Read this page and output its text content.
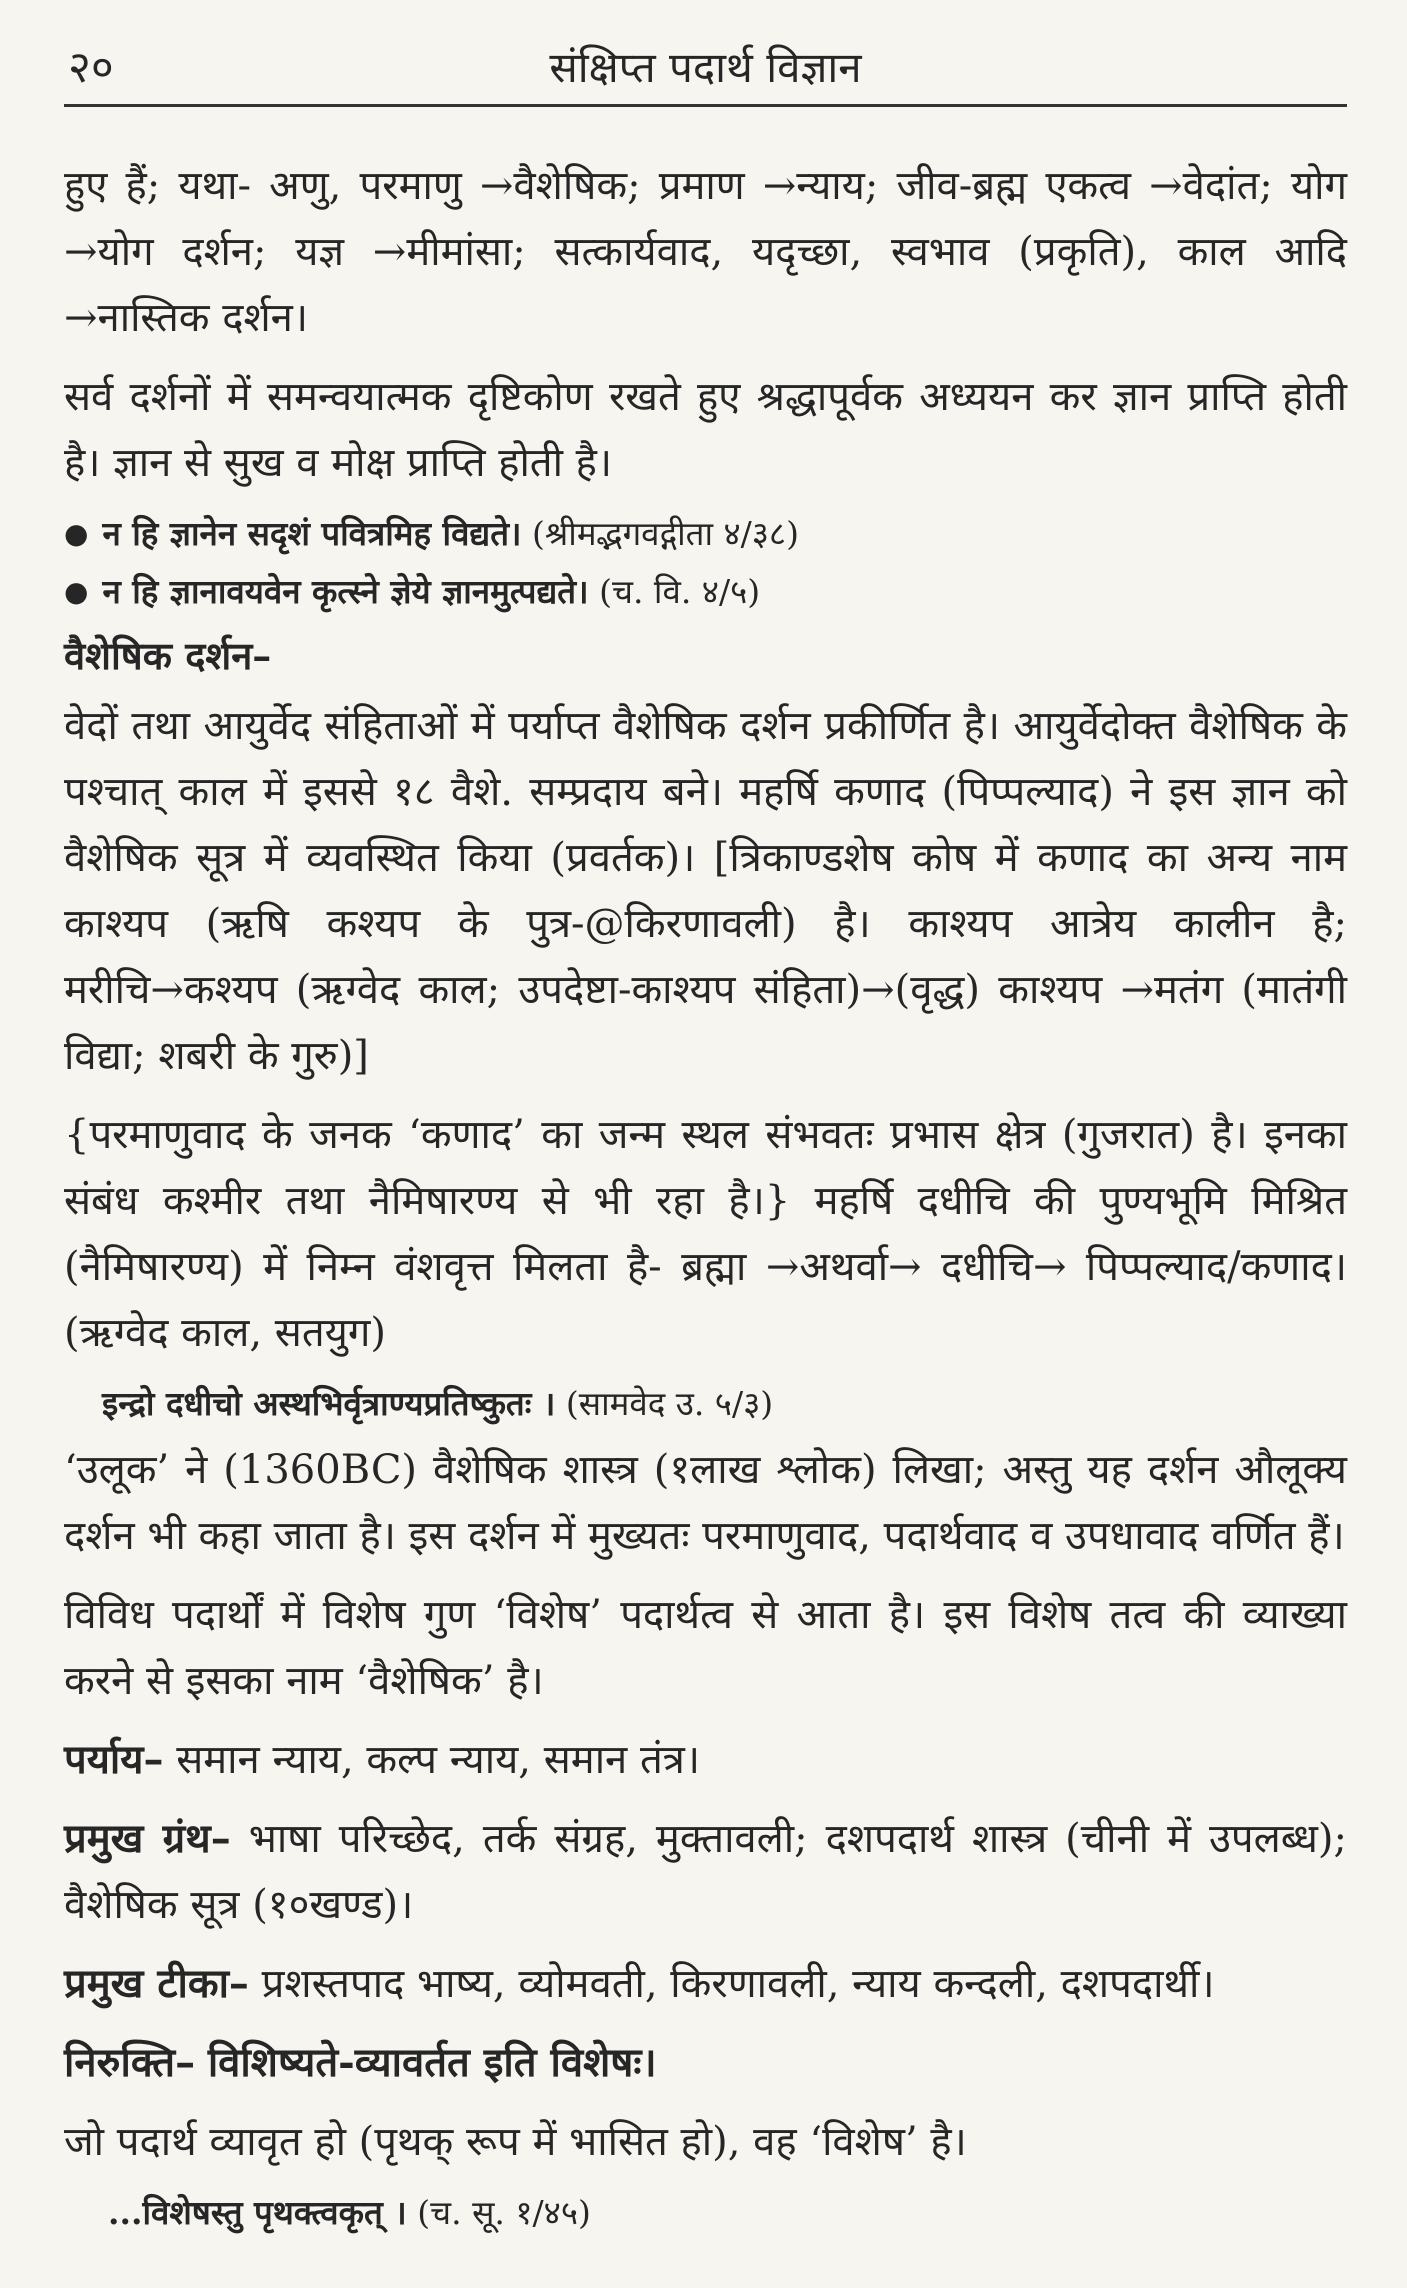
२०	संक्षिप्त पदार्थ विज्ञान

हुए हैं; यथा- अणु, परमाणु →वैशेषिक; प्रमाण →न्याय; जीव-ब्रह्म एकत्व →वेदांत; योग →योग दर्शन; यज्ञ →मीमांसा; सत्कार्यवाद, यदृच्छा, स्वभाव (प्रकृति), काल आदि →नास्तिक दर्शन।

सर्व दर्शनों में समन्वयात्मक दृष्टिकोण रखते हुए श्रद्धापूर्वक अध्ययन कर ज्ञान प्राप्ति होती है। ज्ञान से सुख व मोक्ष प्राप्ति होती है।

● न हि ज्ञानेन सदृशं पवित्रमिह विद्यते। (श्रीमद्भगवद्गीता ४/३८)
● न हि ज्ञानावयवेन कृत्स्ने ज्ञेये ज्ञानमुत्पद्यते। (च. वि. ४/५)
वैशेषिक दर्शन–

वेदों तथा आयुर्वेद संहिताओं में पर्याप्त वैशेषिक दर्शन प्रकीर्णित है। आयुर्वेदोक्त वैशेषिक के पश्चात् काल में इससे १८ वैशे. सम्प्रदाय बने। महर्षि कणाद (पिप्पल्याद) ने इस ज्ञान को वैशेषिक सूत्र में व्यवस्थित किया (प्रवर्तक)। [त्रिकाण्डशेष कोष में कणाद का अन्य नाम काश्यप (ऋषि कश्यप के पुत्र-@किरणावली) है। काश्यप आत्रेय कालीन है; मरीचि→कश्यप (ऋग्वेद काल; उपदेष्टा-काश्यप संहिता)→(वृद्ध) काश्यप →मतंग (मातंगी विद्या; शबरी के गुरु)]

{परमाणुवाद के जनक ‘कणाद’ का जन्म स्थल संभवतः प्रभास क्षेत्र (गुजरात) है। इनका संबंध कश्मीर तथा नैमिषारण्य से भी रहा है।} महर्षि दधीचि की पुण्यभूमि मिश्रित (नैमिषारण्य) में निम्न वंशवृत्त मिलता है- ब्रह्मा →अथर्वा→ दधीचि→ पिप्पल्याद/कणाद। (ऋग्वेद काल, सतयुग)

इन्द्रो दधीचो अस्थभिर्वृत्राण्यप्रतिष्कुतः । (सामवेद उ. ५/३)

‘उलूक’ ने (1360BC) वैशेषिक शास्त्र (१लाख श्लोक) लिखा; अस्तु यह दर्शन औलूक्य दर्शन भी कहा जाता है। इस दर्शन में मुख्यतः परमाणुवाद, पदार्थवाद व उपधावाद वर्णित हैं।

विविध पदार्थों में विशेष गुण ‘विशेष’ पदार्थत्व से आता है। इस विशेष तत्व की व्याख्या करने से इसका नाम ‘वैशेषिक’ है।

पर्याय– समान न्याय, कल्प न्याय, समान तंत्र।

प्रमुख ग्रंथ– भाषा परिच्छेद, तर्क संग्रह, मुक्तावली; दशपदार्थ शास्त्र (चीनी में उपलब्ध); वैशेषिक सूत्र (१०खण्ड)।

प्रमुख टीका– प्रशस्तपाद भाष्य, व्योमवती, किरणावली, न्याय कन्दली, दशपदार्थी।

निरुक्ति– विशिष्यते-व्यावर्तत इति विशेषः।

जो पदार्थ व्यावृत हो (पृथक् रूप में भासित हो), वह ‘विशेष’ है।

...विशेषस्तु पृथक्त्वकृत् । (च. सू. १/४५)
